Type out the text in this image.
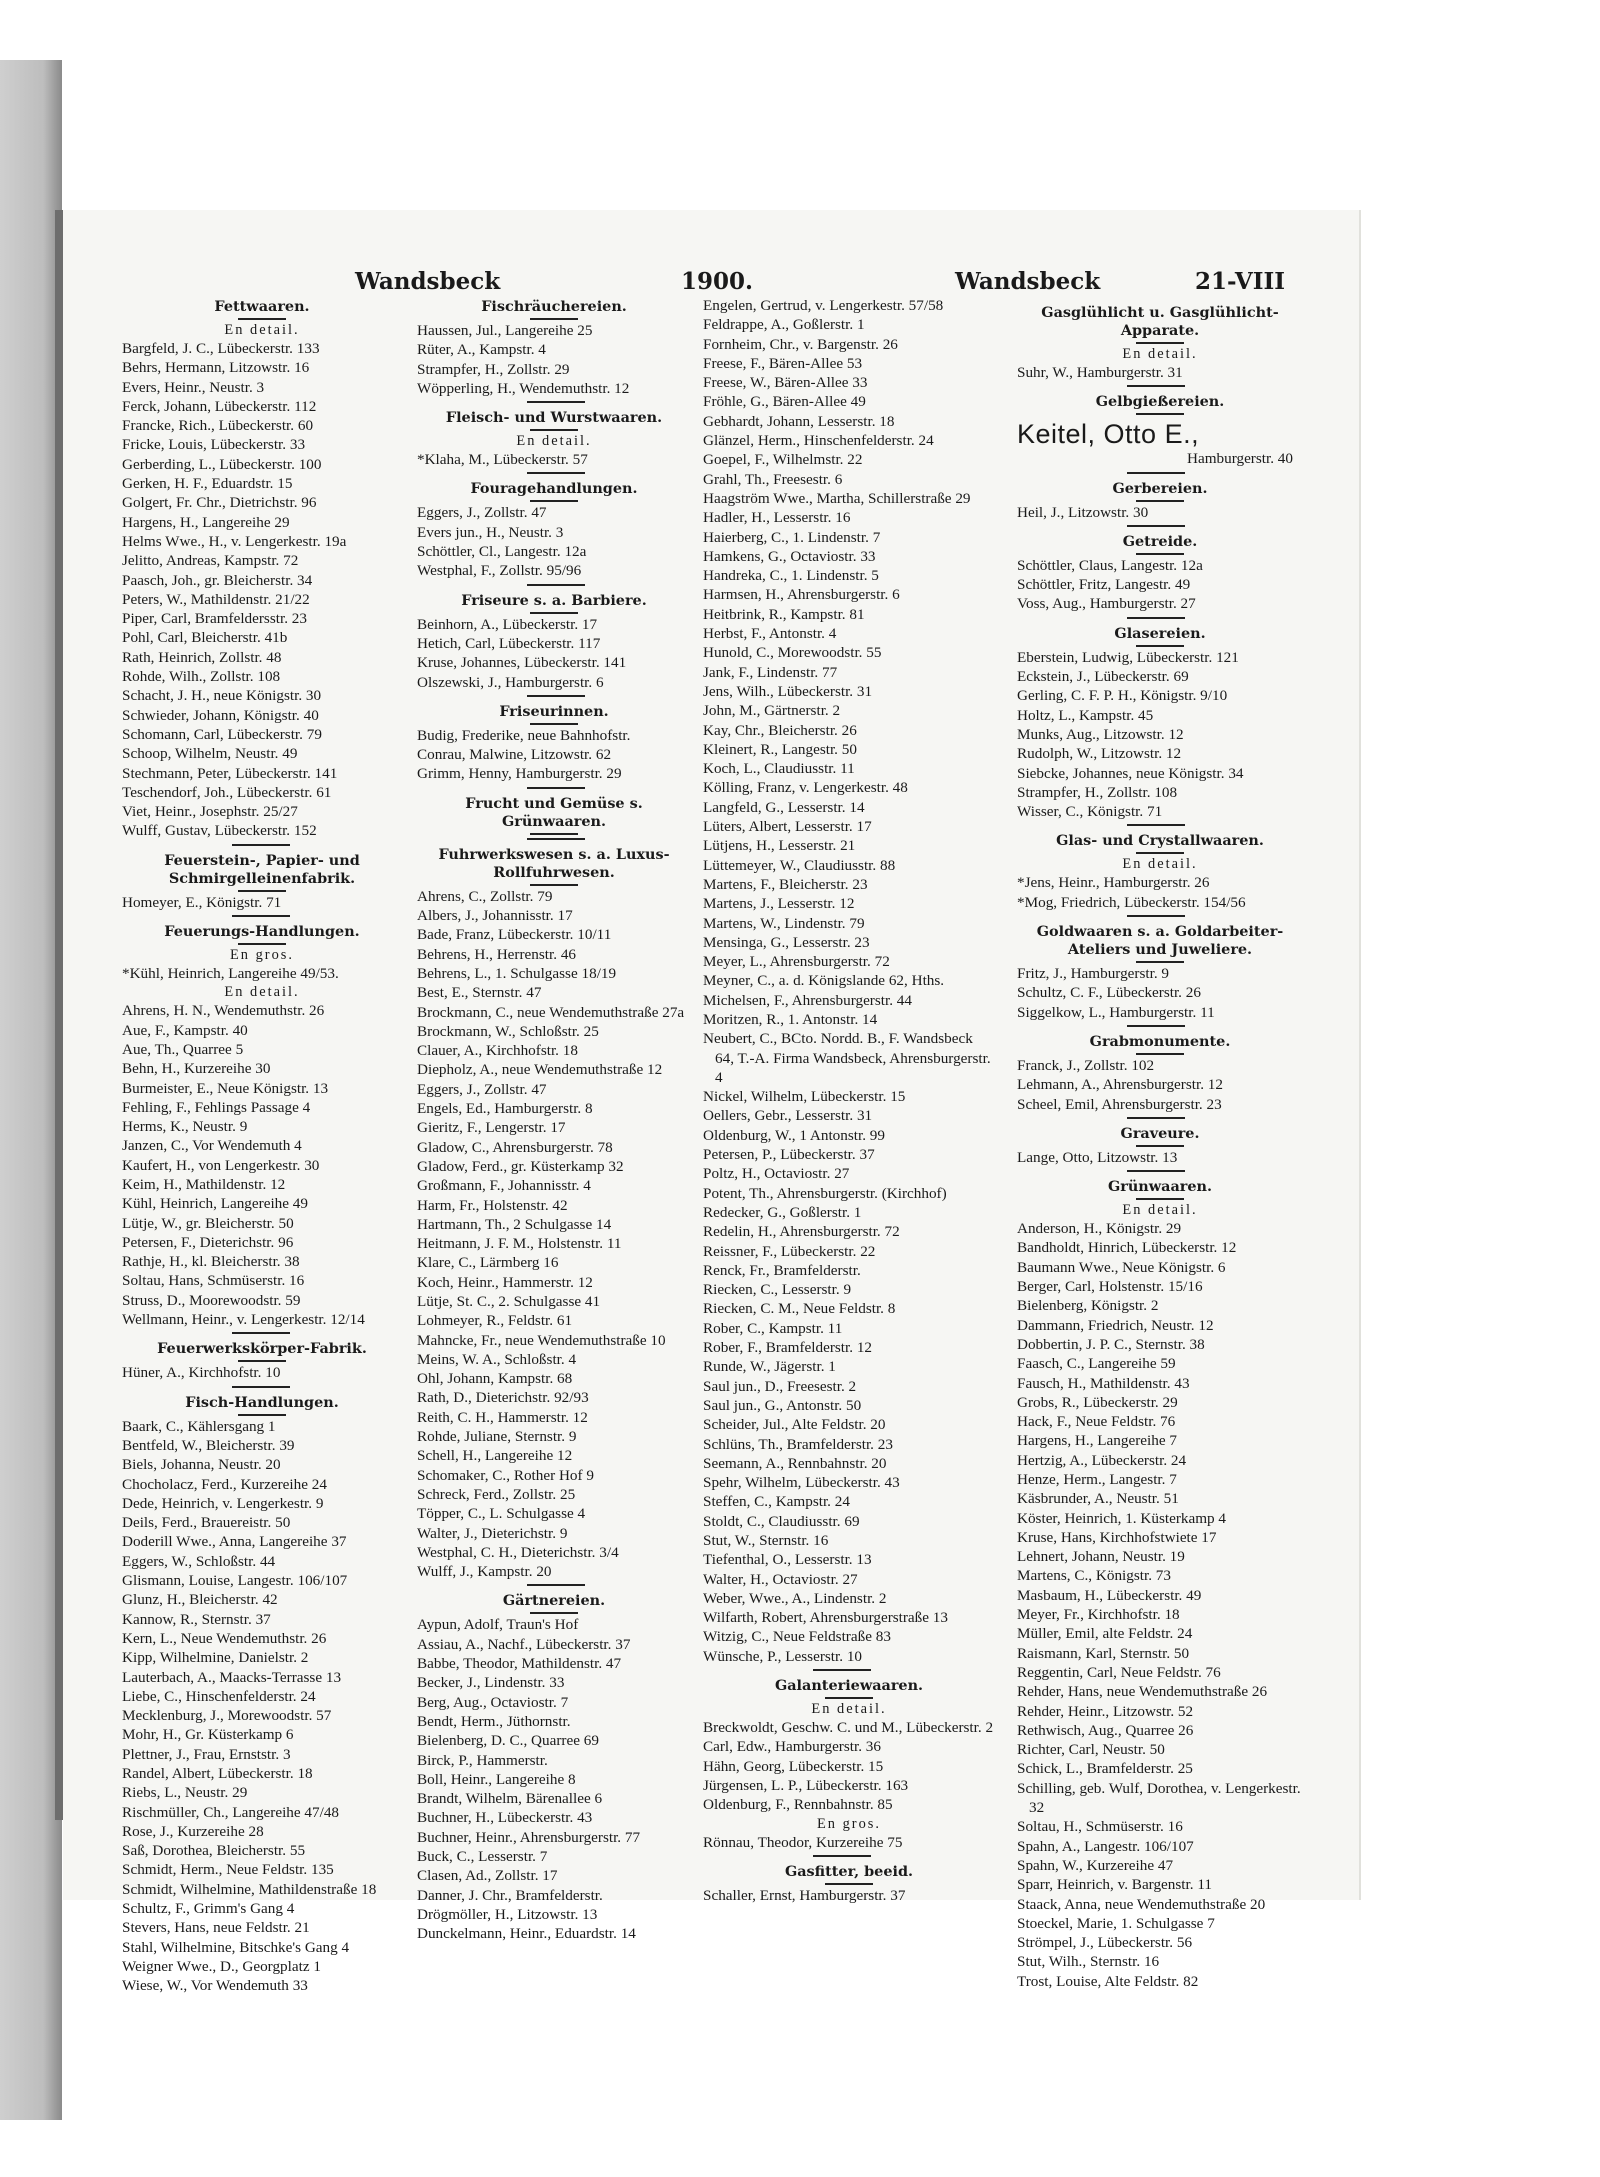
Wandsbeck	1900.	Wandsbeck	21-VIII
Fettwaaren.
En detail.
Bargfeld, J. C., Lübeckerstr. 133
Behrs, Hermann, Litzowstr. 16
Evers, Heinr., Neustr. 3
Ferck, Johann, Lübeckerstr. 112
Francke, Rich., Lübeckerstr. 60
Fricke, Louis, Lübeckerstr. 33
Gerberding, L., Lübeckerstr. 100
Gerken, H. F., Eduardstr. 15
Golgert, Fr. Chr., Dietrichstr. 96
Hargens, H., Langereihe 29
Helms Wwe., H., v. Lengerkestr. 19a
Jelitto, Andreas, Kampstr. 72
Paasch, Joh., gr. Bleicherstr. 34
Peters, W., Mathildenstr. 21/22
Piper, Carl, Bramfeldersstr. 23
Pohl, Carl, Bleicherstr. 41b
Rath, Heinrich, Zollstr. 48
Rohde, Wilh., Zollstr. 108
Schacht, J. H., neue Königstr. 30
Schwieder, Johann, Königstr. 40
Schomann, Carl, Lübeckerstr. 79
Schoop, Wilhelm, Neustr. 49
Stechmann, Peter, Lübeckerstr. 141
Teschendorf, Joh., Lübeckerstr. 61
Viet, Heinr., Josephstr. 25/27
Wulff, Gustav, Lübeckerstr. 152
Feuerstein-, Papier- und Schmirgelleinenfabrik.
Homeyer, E., Königstr. 71
Feuerungs-Handlungen.
En gros.
*Kühl, Heinrich, Langereihe 49/53.
En detail.
Ahrens, H. N., Wendemuthstr. 26
Aue, F., Kampstr. 40
Aue, Th., Quarree 5
Behn, H., Kurzereihe 30
Burmeister, E., Neue Königstr. 13
Fehling, F., Fehlings Passage 4
Herms, K., Neustr. 9
Janzen, C., Vor Wendemuth 4
Kaufert, H., von Lengerkestr. 30
Keim, H., Mathildenstr. 12
Kühl, Heinrich, Langereihe 49
Lütje, W., gr. Bleicherstr. 50
Petersen, F., Dieterichstr. 96
Rathje, H., kl. Bleicherstr. 38
Soltau, Hans, Schmüserstr. 16
Struss, D., Moorewoodstr. 59
Wellmann, Heinr., v. Lengerkestr. 12/14
Feuerwerkskörper-Fabrik.
Hüner, A., Kirchhofstr. 10
Fisch-Handlungen.
Baark, C., Kählersgang 1
Bentfeld, W., Bleicherstr. 39
Biels, Johanna, Neustr. 20
Chocholacz, Ferd., Kurzereihe 24
Dede, Heinrich, v. Lengerkestr. 9
Deils, Ferd., Brauereistr. 50
Doderill Wwe., Anna, Langereihe 37
Eggers, W., Schloßstr. 44
Glismann, Louise, Langestr. 106/107
Glunz, H., Bleicherstr. 42
Kannow, R., Sternstr. 37
Kern, L., Neue Wendemuthstr. 26
Kipp, Wilhelmine, Danielstr. 2
Lauterbach, A., Maacks-Terrasse 13
Liebe, C., Hinschenfelderstr. 24
Mecklenburg, J., Morewoodstr. 57
Mohr, H., Gr. Küsterkamp 6
Plettner, J., Frau, Ernststr. 3
Randel, Albert, Lübeckerstr. 18
Riebs, L., Neustr. 29
Rischmüller, Ch., Langereihe 47/48
Rose, J., Kurzereihe 28
Saß, Dorothea, Bleicherstr. 55
Schmidt, Herm., Neue Feldstr. 135
Schmidt, Wilhelmine, Mathildenstraße 18
Schultz, F., Grimm's Gang 4
Stevers, Hans, neue Feldstr. 21
Stahl, Wilhelmine, Bitschke's Gang 4
Weigner Wwe., D., Georgplatz 1
Wiese, W., Vor Wendemuth 33
Fischräuchereien.
Haussen, Jul., Langereihe 25
Rüter, A., Kampstr. 4
Strampfer, H., Zollstr. 29
Wöpperling, H., Wendemuthstr. 12
Fleisch- und Wurstwaaren.
En detail.
*Klaha, M., Lübeckerstr. 57
Fouragehandlungen.
Eggers, J., Zollstr. 47
Evers jun., H., Neustr. 3
Schöttler, Cl., Langestr. 12a
Westphal, F., Zollstr. 95/96
Friseure s. a. Barbiere.
Beinhorn, A., Lübeckerstr. 17
Hetich, Carl, Lübeckerstr. 117
Kruse, Johannes, Lübeckerstr. 141
Olszewski, J., Hamburgerstr. 6
Friseurinnen.
Budig, Frederike, neue Bahnhofstr.
Conrau, Malwine, Litzowstr. 62
Grimm, Henny, Hamburgerstr. 29
Frucht und Gemüse s. Grünwaaren.
Fuhrwerkswesen s. a. Luxus-Rollfuhrwesen.
Ahrens, C., Zollstr. 79
Albers, J., Johannisstr. 17
Bade, Franz, Lübeckerstr. 10/11
Behrens, H., Herrenstr. 46
Behrens, L., 1. Schulgasse 18/19
Best, E., Sternstr. 47
Brockmann, C., neue Wendemuthstraße 27a
Brockmann, W., Schloßstr. 25
Clauer, A., Kirchhofstr. 18
Diepholz, A., neue Wendemuthstraße 12
Eggers, J., Zollstr. 47
Engels, Ed., Hamburgerstr. 8
Gieritz, F., Lengerstr. 17
Gladow, C., Ahrensburgerstr. 78
Gladow, Ferd., gr. Küsterkamp 32
Großmann, F., Johannisstr. 4
Harm, Fr., Holstenstr. 42
Hartmann, Th., 2 Schulgasse 14
Heitmann, J. F. M., Holstenstr. 11
Klare, C., Lärmberg 16
Koch, Heinr., Hammerstr. 12
Lütje, St. C., 2. Schulgasse 41
Lohmeyer, R., Feldstr. 61
Mahncke, Fr., neue Wendemuthstraße 10
Meins, W. A., Schloßstr. 4
Ohl, Johann, Kampstr. 68
Rath, D., Dieterichstr. 92/93
Reith, C. H., Hammerstr. 12
Rohde, Juliane, Sternstr. 9
Schell, H., Langereihe 12
Schomaker, C., Rother Hof 9
Schreck, Ferd., Zollstr. 25
Töpper, C., L. Schulgasse 4
Walter, J., Dieterichstr. 9
Westphal, C. H., Dieterichstr. 3/4
Wulff, J., Kampstr. 20
Gärtnereien.
Aypun, Adolf, Traun's Hof
Assiau, A., Nachf., Lübeckerstr. 37
Babbe, Theodor, Mathildenstr. 47
Becker, J., Lindenstr. 33
Berg, Aug., Octaviostr. 7
Bendt, Herm., Jüthornstr.
Bielenberg, D. C., Quarree 69
Birck, P., Hammerstr.
Boll, Heinr., Langereihe 8
Brandt, Wilhelm, Bärenallee 6
Buchner, H., Lübeckerstr. 43
Buchner, Heinr., Ahrensburgerstr. 77
Buck, C., Lesserstr. 7
Clasen, Ad., Zollstr. 17
Danner, J. Chr., Bramfelderstr.
Drögmöller, H., Litzowstr. 13
Dunckelmann, Heinr., Eduardstr. 14
Engelen, Gertrud, v. Lengerkestr. 57/58
Feldrappe, A., Goßlerstr. 1
Fornheim, Chr., v. Bargenstr. 26
Freese, F., Bären-Allee 53
Freese, W., Bären-Allee 33
Fröhle, G., Bären-Allee 49
Gebhardt, Johann, Lesserstr. 18
Glänzel, Herm., Hinschenfelderstr. 24
Goepel, F., Wilhelmstr. 22
Grahl, Th., Freesestr. 6
Haagström Wwe., Martha, Schillerstraße 29
Hadler, H., Lesserstr. 16
Haierberg, C., 1. Lindenstr. 7
Hamkens, G., Octaviostr. 33
Handreka, C., 1. Lindenstr. 5
Harmsen, H., Ahrensburgerstr. 6
Heitbrink, R., Kampstr. 81
Herbst, F., Antonstr. 4
Hunold, C., Morewoodstr. 55
Jank, F., Lindenstr. 77
Jens, Wilh., Lübeckerstr. 31
John, M., Gärtnerstr. 2
Kay, Chr., Bleicherstr. 26
Kleinert, R., Langestr. 50
Koch, L., Claudiusstr. 11
Kölling, Franz, v. Lengerkestr. 48
Langfeld, G., Lesserstr. 14
Lüters, Albert, Lesserstr. 17
Lütjens, H., Lesserstr. 21
Lüttemeyer, W., Claudiusstr. 88
Martens, F., Bleicherstr. 23
Martens, J., Lesserstr. 12
Martens, W., Lindenstr. 79
Mensinga, G., Lesserstr. 23
Meyer, L., Ahrensburgerstr. 72
Meyner, C., a. d. Königslande 62, Hths.
Michelsen, F., Ahrensburgerstr. 44
Moritzen, R., 1. Antonstr. 14
Neubert, C., BCto. Nordd. B., F. Wandsbeck 64, T.-A. Firma Wandsbeck, Ahrensburgerstr. 4
Nickel, Wilhelm, Lübeckerstr. 15
Oellers, Gebr., Lesserstr. 31
Oldenburg, W., 1 Antonstr. 99
Petersen, P., Lübeckerstr. 37
Poltz, H., Octaviostr. 27
Potent, Th., Ahrensburgerstr. (Kirchhof)
Redecker, G., Goßlerstr. 1
Redelin, H., Ahrensburgerstr. 72
Reissner, F., Lübeckerstr. 22
Renck, Fr., Bramfelderstr.
Riecken, C., Lesserstr. 9
Riecken, C. M., Neue Feldstr. 8
Rober, C., Kampstr. 11
Rober, F., Bramfelderstr. 12
Runde, W., Jägerstr. 1
Saul jun., D., Freesestr. 2
Saul jun., G., Antonstr. 50
Scheider, Jul., Alte Feldstr. 20
Schlüns, Th., Bramfelderstr. 23
Seemann, A., Rennbahnstr. 20
Spehr, Wilhelm, Lübeckerstr. 43
Steffen, C., Kampstr. 24
Stoldt, C., Claudiusstr. 69
Stut, W., Sternstr. 16
Tiefenthal, O., Lesserstr. 13
Walter, H., Octaviostr. 27
Weber, Wwe., A., Lindenstr. 2
Wilfarth, Robert, Ahrensburgerstraße 13
Witzig, C., Neue Feldstraße 83
Wünsche, P., Lesserstr. 10
Galanteriewaaren.
En detail.
Breckwoldt, Geschw. C. und M., Lübeckerstr. 2
Carl, Edw., Hamburgerstr. 36
Hähn, Georg, Lübeckerstr. 15
Jürgensen, L. P., Lübeckerstr. 163
Oldenburg, F., Rennbahnstr. 85
En gros.
Rönnau, Theodor, Kurzereihe 75
Gasfitter, beeid.
Schaller, Ernst, Hamburgerstr. 37
Gasglühlicht u. Gasglühlicht-Apparate.
En detail.
Suhr, W., Hamburgerstr. 31
Gelbgießereien.
Keitel, Otto E.,
Hamburgerstr. 40
Gerbereien.
Heil, J., Litzowstr. 30
Getreide.
Schöttler, Claus, Langestr. 12a
Schöttler, Fritz, Langestr. 49
Voss, Aug., Hamburgerstr. 27
Glasereien.
Eberstein, Ludwig, Lübeckerstr. 121
Eckstein, J., Lübeckerstr. 69
Gerling, C. F. P. H., Königstr. 9/10
Holtz, L., Kampstr. 45
Munks, Aug., Litzowstr. 12
Rudolph, W., Litzowstr. 12
Siebcke, Johannes, neue Königstr. 34
Strampfer, H., Zollstr. 108
Wisser, C., Königstr. 71
Glas- und Crystallwaaren.
En detail.
*Jens, Heinr., Hamburgerstr. 26
*Mog, Friedrich, Lübeckerstr. 154/56
Goldwaaren s. a. Goldarbeiter-Ateliers und Juweliere.
Fritz, J., Hamburgerstr. 9
Schultz, C. F., Lübeckerstr. 26
Siggelkow, L., Hamburgerstr. 11
Grabmonumente.
Franck, J., Zollstr. 102
Lehmann, A., Ahrensburgerstr. 12
Scheel, Emil, Ahrensburgerstr. 23
Graveure.
Lange, Otto, Litzowstr. 13
Grünwaaren.
En detail.
Anderson, H., Königstr. 29
Bandholdt, Hinrich, Lübeckerstr. 12
Baumann Wwe., Neue Königstr. 6
Berger, Carl, Holstenstr. 15/16
Bielenberg, Königstr. 2
Dammann, Friedrich, Neustr. 12
Dobbertin, J. P. C., Sternstr. 38
Faasch, C., Langereihe 59
Fausch, H., Mathildenstr. 43
Grobs, R., Lübeckerstr. 29
Hack, F., Neue Feldstr. 76
Hargens, H., Langereihe 7
Hertzig, A., Lübeckerstr. 24
Henze, Herm., Langestr. 7
Käsbrunder, A., Neustr. 51
Köster, Heinrich, 1. Küsterkamp 4
Kruse, Hans, Kirchhofstwiete 17
Lehnert, Johann, Neustr. 19
Martens, C., Königstr. 73
Masbaum, H., Lübeckerstr. 49
Meyer, Fr., Kirchhofstr. 18
Müller, Emil, alte Feldstr. 24
Raismann, Karl, Sternstr. 50
Reggentin, Carl, Neue Feldstr. 76
Rehder, Hans, neue Wendemuthstraße 26
Rehder, Heinr., Litzowstr. 52
Rethwisch, Aug., Quarree 26
Richter, Carl, Neustr. 50
Schick, L., Bramfelderstr. 25
Schilling, geb. Wulf, Dorothea, v. Lengerkestr. 32
Soltau, H., Schmüserstr. 16
Spahn, A., Langestr. 106/107
Spahn, W., Kurzereihe 47
Sparr, Heinrich, v. Bargenstr. 11
Staack, Anna, neue Wendemuthstraße 20
Stoeckel, Marie, 1. Schulgasse 7
Strömpel, J., Lübeckerstr. 56
Stut, Wilh., Sternstr. 16
Trost, Louise, Alte Feldstr. 82
